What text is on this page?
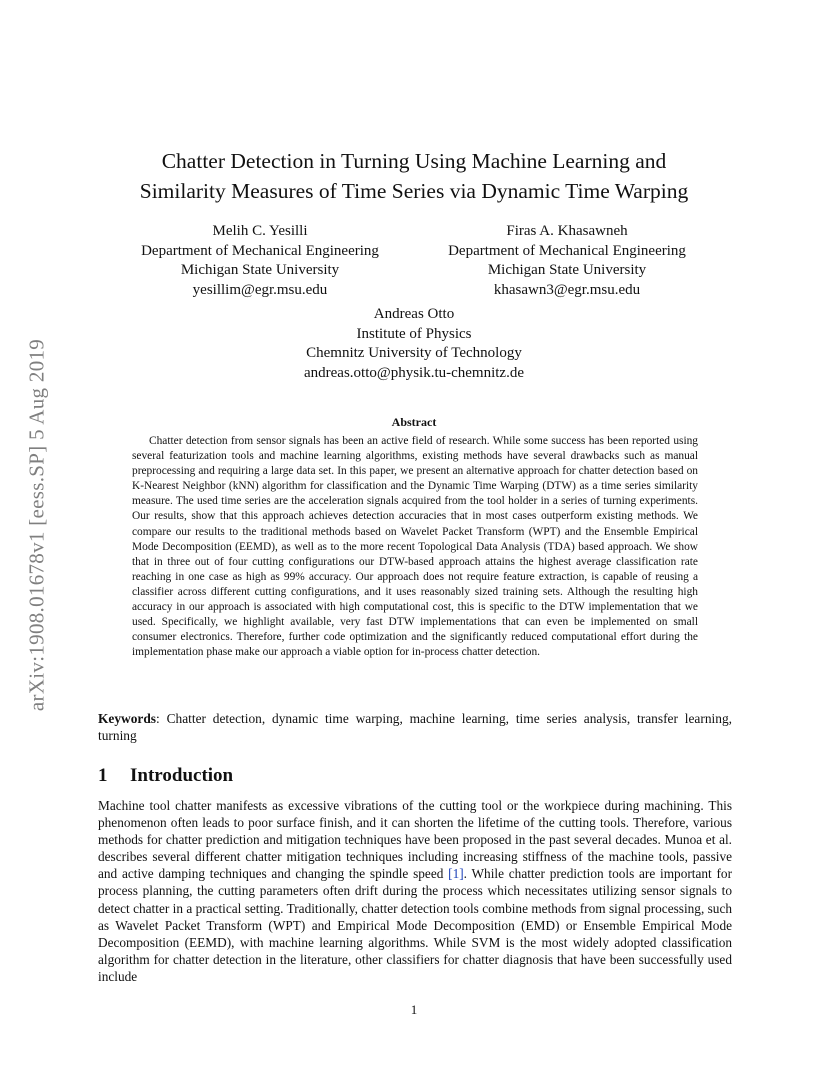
arXiv:1908.01678v1 [eess.SP] 5 Aug 2019
Chatter Detection in Turning Using Machine Learning and
Similarity Measures of Time Series via Dynamic Time Warping
Melih C. Yesilli
Department of Mechanical Engineering
Michigan State University
yesillim@egr.msu.edu
Firas A. Khasawneh
Department of Mechanical Engineering
Michigan State University
khasawn3@egr.msu.edu
Andreas Otto
Institute of Physics
Chemnitz University of Technology
andreas.otto@physik.tu-chemnitz.de
Abstract

Chatter detection from sensor signals has been an active field of research. While some success has been reported using several featurization tools and machine learning algorithms, existing methods have several drawbacks such as manual preprocessing and requiring a large data set. In this paper, we present an alternative approach for chatter detection based on K-Nearest Neighbor (kNN) algorithm for classification and the Dynamic Time Warping (DTW) as a time series similarity measure. The used time series are the acceleration signals acquired from the tool holder in a series of turning experiments. Our results, show that this approach achieves detection accuracies that in most cases outperform existing methods. We compare our results to the traditional methods based on Wavelet Packet Transform (WPT) and the Ensemble Empirical Mode Decomposition (EEMD), as well as to the more recent Topological Data Analysis (TDA) based approach. We show that in three out of four cutting configurations our DTW-based approach attains the highest average classification rate reaching in one case as high as 99% accuracy. Our approach does not require feature extraction, is capable of reusing a classifier across different cutting configurations, and it uses reasonably sized training sets. Although the resulting high accuracy in our approach is associated with high computational cost, this is specific to the DTW implementation that we used. Specifically, we highlight available, very fast DTW implementations that can even be implemented on small consumer electronics. Therefore, further code optimization and the significantly reduced computational effort during the implementation phase make our approach a viable option for in-process chatter detection.

Keywords: Chatter detection, dynamic time warping, machine learning, time series analysis, transfer learning, turning

1 Introduction

Machine tool chatter manifests as excessive vibrations of the cutting tool or the workpiece during machining. This phenomenon often leads to poor surface finish, and it can shorten the lifetime of the cutting tools. Therefore, various methods for chatter prediction and mitigation techniques have been proposed in the past several decades. Munoa et al. describes several different chatter mitigation techniques including increasing stiffness of the machine tools, passive and active damping techniques and changing the spindle speed [1]. While chatter prediction tools are important for process planning, the cutting parameters often drift during the process which necessitates utilizing sensor signals to detect chatter in a practical setting. Traditionally, chatter detection tools combine methods from signal processing, such as Wavelet Packet Transform (WPT) and Empirical Mode Decomposition (EMD) or Ensemble Empirical Mode Decomposition (EEMD), with machine learning algorithms. While SVM is the most widely adopted classification algorithm for chatter detection in the literature, other classifiers for chatter diagnosis that have been successfully used include

1
